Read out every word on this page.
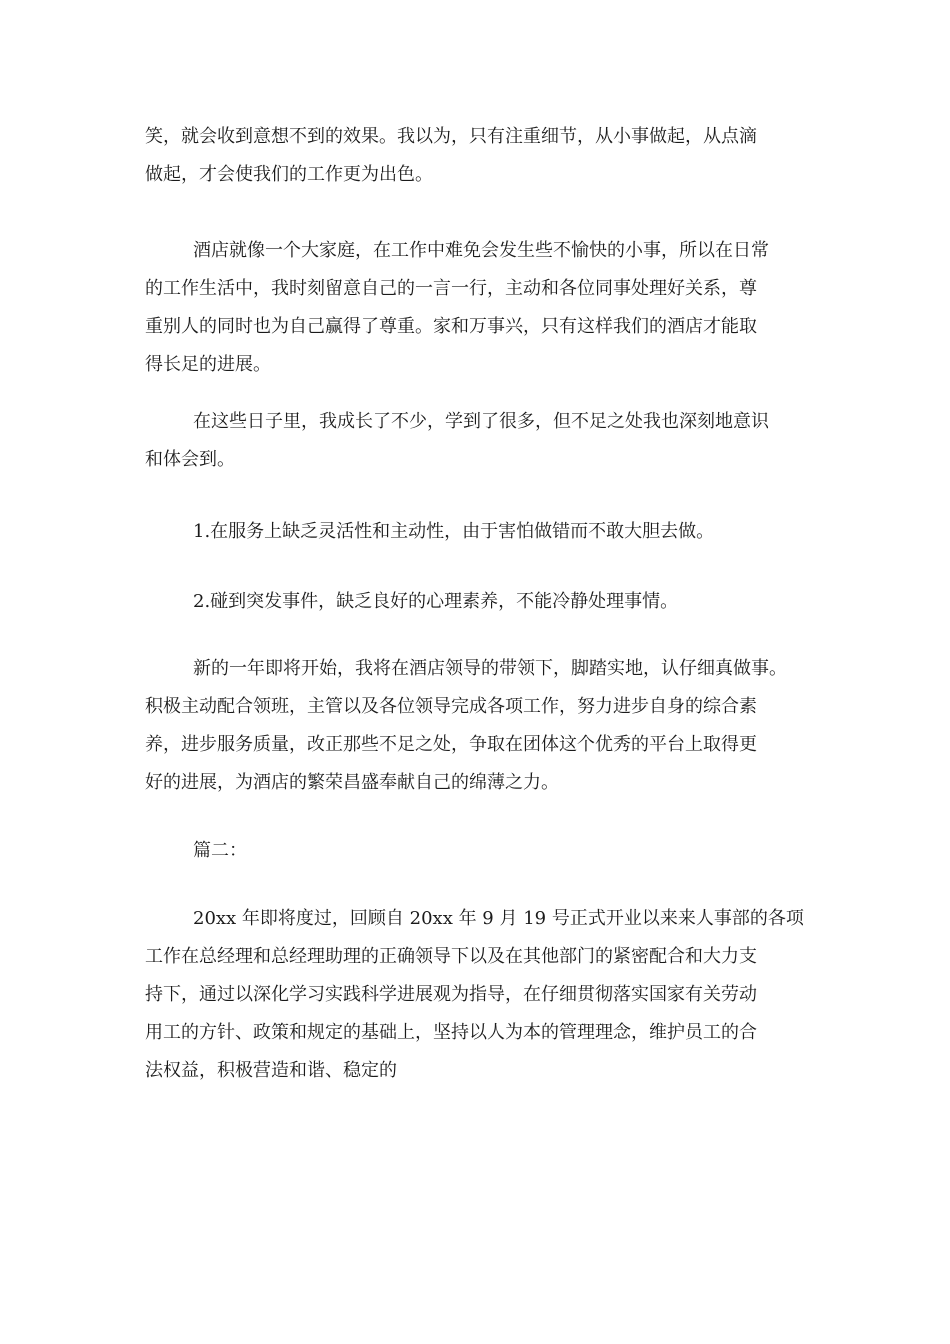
笑，就会收到意想不到的效果。我以为，只有注重细节，从小事做起，从点滴
做起，才会使我们的工作更为出色。
酒店就像一个大家庭，在工作中难免会发生些不愉快的小事，所以在日常
的工作生活中，我时刻留意自己的一言一行，主动和各位同事处理好关系，尊
重别人的同时也为自己赢得了尊重。家和万事兴，只有这样我们的酒店才能取
得长足的进展。
在这些日子里，我成长了不少，学到了很多，但不足之处我也深刻地意识
和体会到。
1.在服务上缺乏灵活性和主动性，由于害怕做错而不敢大胆去做。
2.碰到突发事件，缺乏良好的心理素养，不能冷静处理事情。
新的一年即将开始，我将在酒店领导的带领下，脚踏实地，认仔细真做事。
积极主动配合领班，主管以及各位领导完成各项工作，努力进步自身的综合素
养，进步服务质量，改正那些不足之处，争取在团体这个优秀的平台上取得更
好的进展，为酒店的繁荣昌盛奉献自己的绵薄之力。
篇二：
20xx 年即将度过，回顾自 20xx 年 9 月 19 号正式开业以来来人事部的各项
工作在总经理和总经理助理的正确领导下以及在其他部门的紧密配合和大力支
持下，通过以深化学习实践科学进展观为指导，在仔细贯彻落实国家有关劳动
用工的方针、政策和规定的基础上，坚持以人为本的管理理念，维护员工的合
法权益，积极营造和谐、稳定的
